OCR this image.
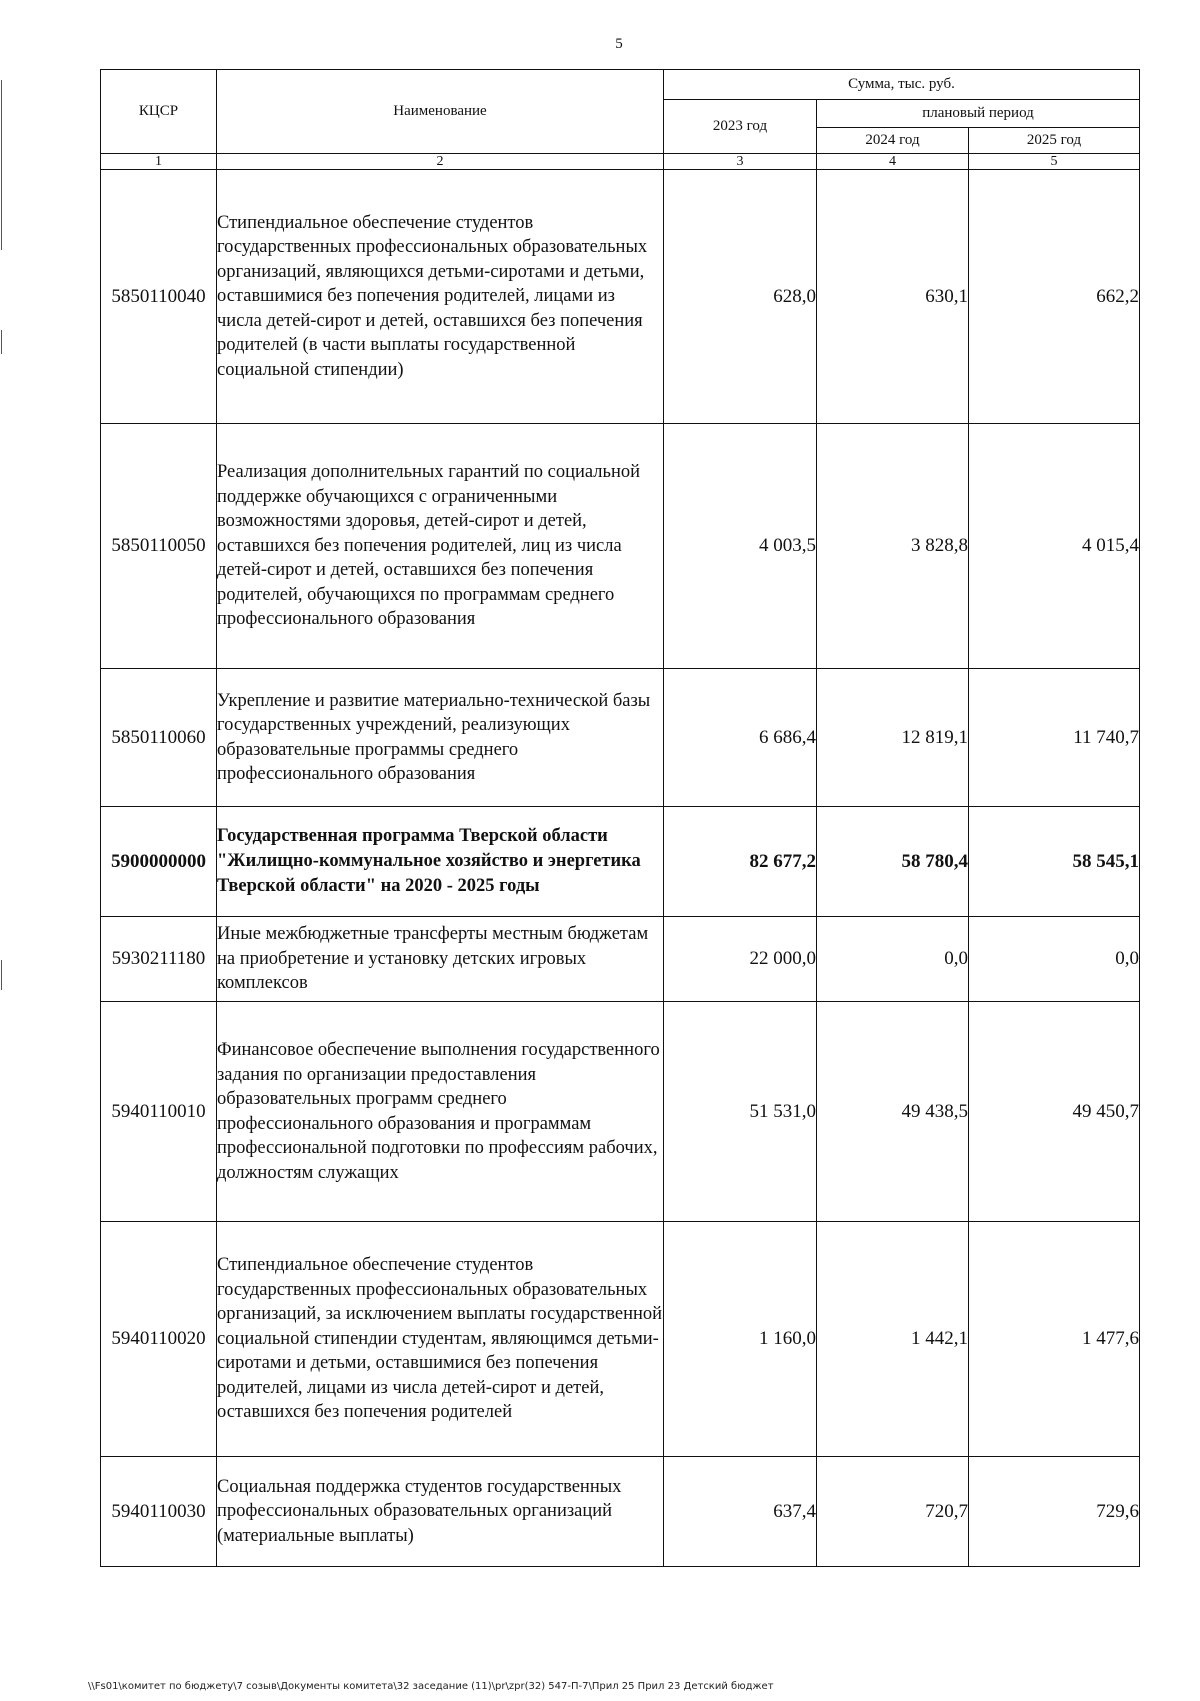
5
КЦСР	Наименование	Сумма, тыс. руб.		
		2023 год	плановый период	
			2024 год	2025 год
1	2	3	4	5
5850110040	Стипендиальное обеспечение студентов государственных профессиональных образовательных организаций, являющихся детьми-сиротами и детьми, оставшимися без попечения родителей, лицами из числа детей-сирот и детей, оставшихся без попечения родителей (в части выплаты государственной социальной стипендии)	628,0	630,1	662,2
5850110050	Реализация дополнительных гарантий по социальной поддержке обучающихся с ограниченными возможностями здоровья, детей-сирот и детей, оставшихся без попечения родителей, лиц из числа детей-сирот и детей, оставшихся без попечения родителей, обучающихся по программам среднего профессионального образования	4 003,5	3 828,8	4 015,4
5850110060	Укрепление и развитие материально-технической базы государственных учреждений, реализующих образовательные программы среднего профессионального образования	6 686,4	12 819,1	11 740,7
5900000000	Государственная программа Тверской области "Жилищно-коммунальное хозяйство и энергетика Тверской области" на 2020 - 2025 годы	82 677,2	58 780,4	58 545,1
5930211180	Иные межбюджетные трансферты местным бюджетам на приобретение и установку детских игровых комплексов	22 000,0	0,0	0,0
5940110010	Финансовое обеспечение выполнения государственного задания по организации предоставления образовательных программ среднего профессионального образования и программам профессиональной подготовки по профессиям рабочих, должностям служащих	51 531,0	49 438,5	49 450,7
5940110020	Стипендиальное обеспечение студентов государственных профессиональных образовательных организаций, за исключением выплаты государственной социальной стипендии студентам, являющимся детьми-сиротами и детьми, оставшимися без попечения родителей, лицами из числа детей-сирот и детей, оставшихся без попечения родителей	1 160,0	1 442,1	1 477,6
5940110030	Социальная поддержка студентов государственных профессиональных образовательных организаций (материальные выплаты)	637,4	720,7	729,6
\\Fs01\комитет по бюджету\7 созыв\Документы комитета\32 заседание (11)\pr\zpr(32) 547-П-7\Прил 25 Прил 23 Детский бюджет
